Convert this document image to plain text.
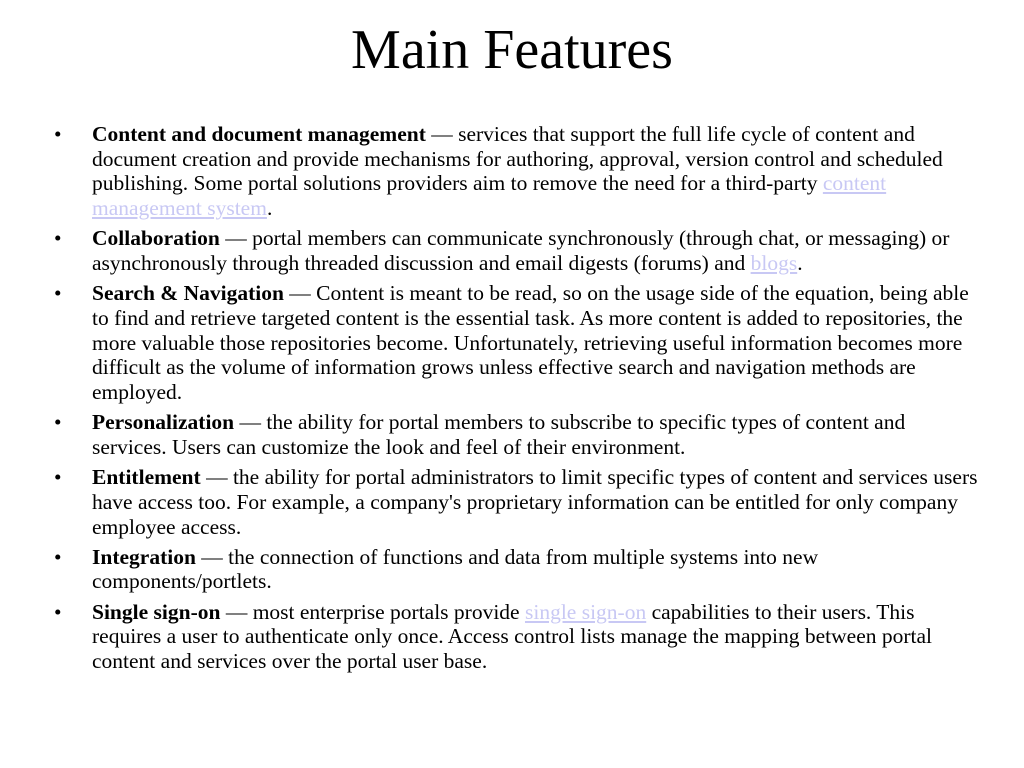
Main Features
•	Content and document management — services that support the full life cycle of content and document creation and provide mechanisms for authoring, approval, version control and scheduled publishing. Some portal solutions providers aim to remove the need for a third-party content management system.
•	Collaboration — portal members can communicate synchronously (through chat, or messaging) or asynchronously through threaded discussion and email digests (forums) and blogs.
•	Search & Navigation — Content is meant to be read, so on the usage side of the equation, being able to find and retrieve targeted content is the essential task. As more content is added to repositories, the more valuable those repositories become. Unfortunately, retrieving useful information becomes more difficult as the volume of information grows unless effective search and navigation methods are employed.
•	Personalization — the ability for portal members to subscribe to specific types of content and services. Users can customize the look and feel of their environment.
•	Entitlement — the ability for portal administrators to limit specific types of content and services users have access too. For example, a company's proprietary information can be entitled for only company employee access.
•	Integration — the connection of functions and data from multiple systems into new components/portlets.
•	Single sign-on — most enterprise portals provide single sign-on capabilities to their users. This requires a user to authenticate only once. Access control lists manage the mapping between portal content and services over the portal user base.
